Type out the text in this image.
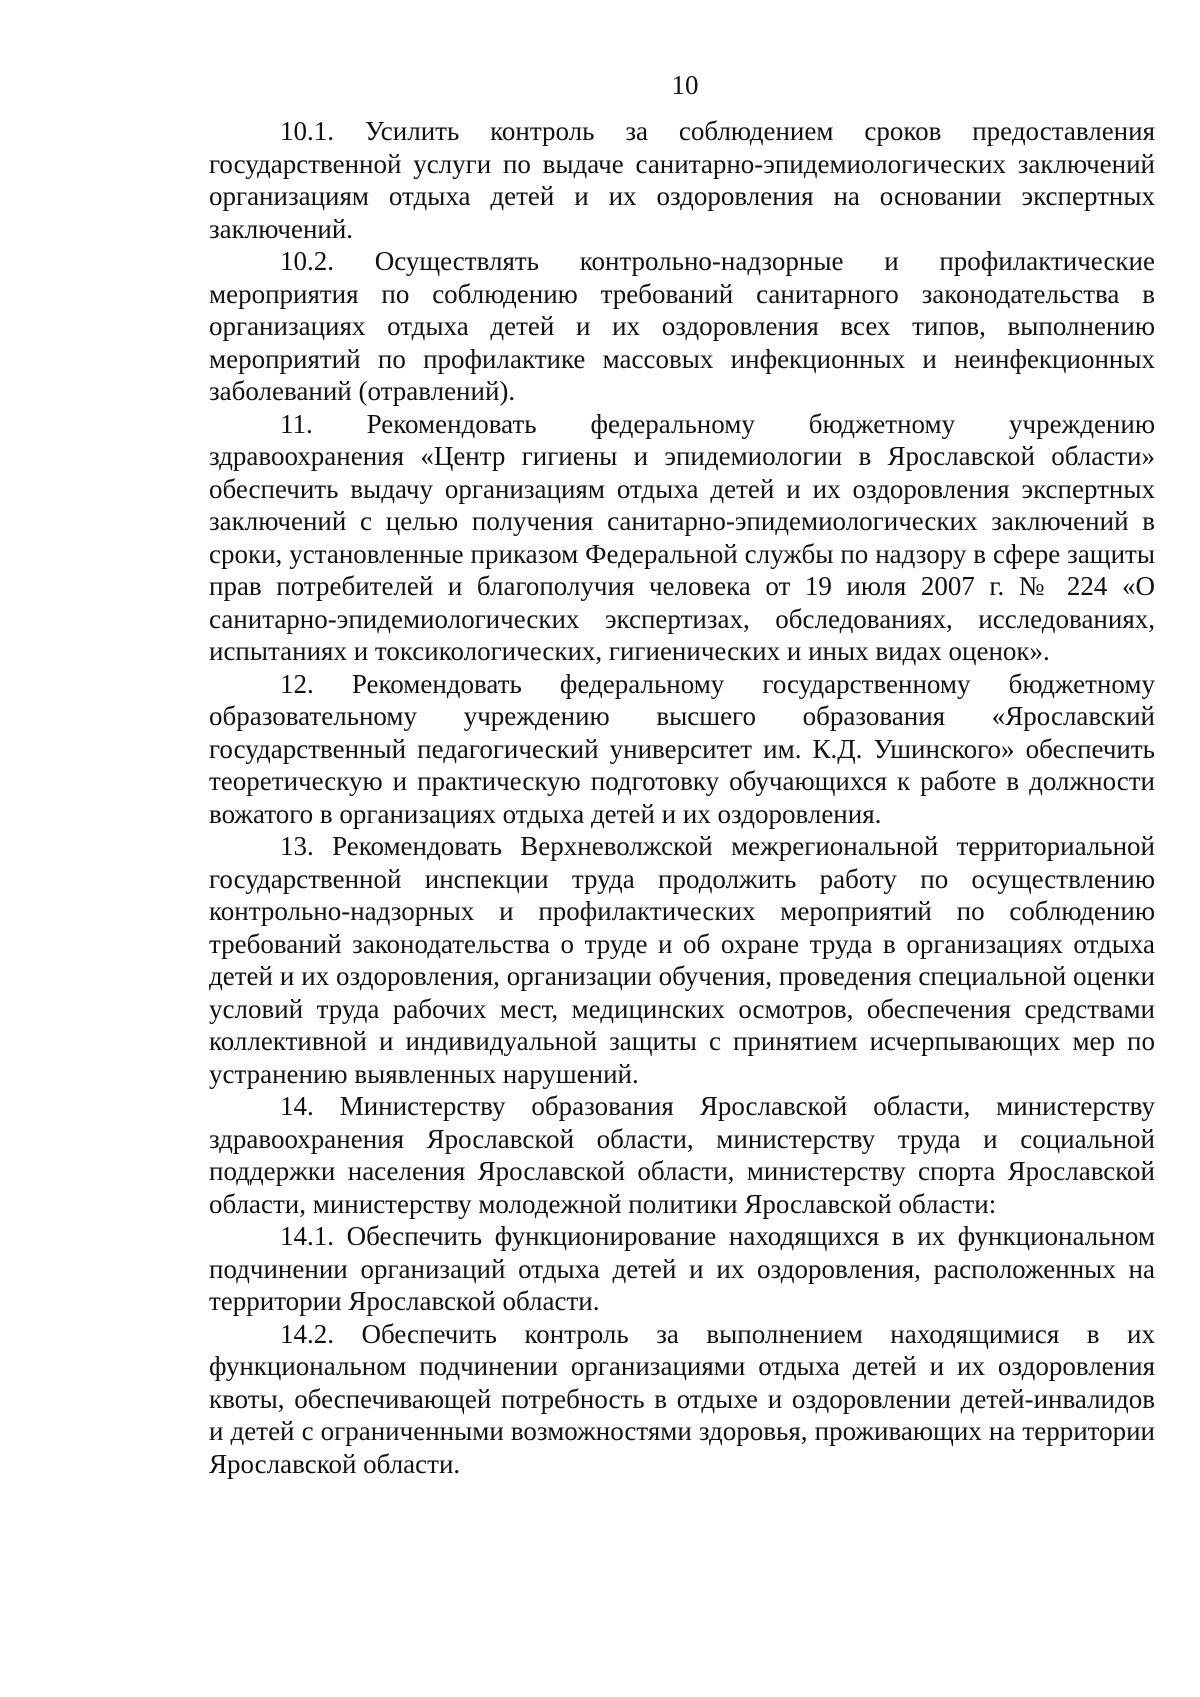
10

10.1. Усилить контроль за соблюдением сроков предоставления государственной услуги по выдаче санитарно-эпидемиологических заключений организациям отдыха детей и их оздоровления на основании экспертных заключений.

10.2. Осуществлять контрольно-надзорные и профилактические мероприятия по соблюдению требований санитарного законодательства в организациях отдыха детей и их оздоровления всех типов, выполнению мероприятий по профилактике массовых инфекционных и неинфекционных заболеваний (отравлений).

11. Рекомендовать федеральному бюджетному учреждению здравоохранения «Центр гигиены и эпидемиологии в Ярославской области» обеспечить выдачу организациям отдыха детей и их оздоровления экспертных заключений с целью получения санитарно-эпидемиологических заключений в сроки, установленные приказом Федеральной службы по надзору в сфере защиты прав потребителей и благополучия человека от 19 июля 2007 г. № 224 «О санитарно-эпидемиологических экспертизах, обследованиях, исследованиях, испытаниях и токсикологических, гигиенических и иных видах оценок».

12. Рекомендовать федеральному государственному бюджетному образовательному учреждению высшего образования «Ярославский государственный педагогический университет им. К.Д. Ушинского» обеспечить теоретическую и практическую подготовку обучающихся к работе в должности вожатого в организациях отдыха детей и их оздоровления.

13. Рекомендовать Верхневолжской межрегиональной территориальной государственной инспекции труда продолжить работу по осуществлению контрольно-надзорных и профилактических мероприятий по соблюдению требований законодательства о труде и об охране труда в организациях отдыха детей и их оздоровления, организации обучения, проведения специальной оценки условий труда рабочих мест, медицинских осмотров, обеспечения средствами коллективной и индивидуальной защиты с принятием исчерпывающих мер по устранению выявленных нарушений.

14. Министерству образования Ярославской области, министерству здравоохранения Ярославской области, министерству труда и социальной поддержки населения Ярославской области, министерству спорта Ярославской области, министерству молодежной политики Ярославской области:

14.1. Обеспечить функционирование находящихся в их функциональном подчинении организаций отдыха детей и их оздоровления, расположенных на территории Ярославской области.

14.2. Обеспечить контроль за выполнением находящимися в их функциональном подчинении организациями отдыха детей и их оздоровления квоты, обеспечивающей потребность в отдыхе и оздоровлении детей-инвалидов и детей с ограниченными возможностями здоровья, проживающих на территории Ярославской области.
